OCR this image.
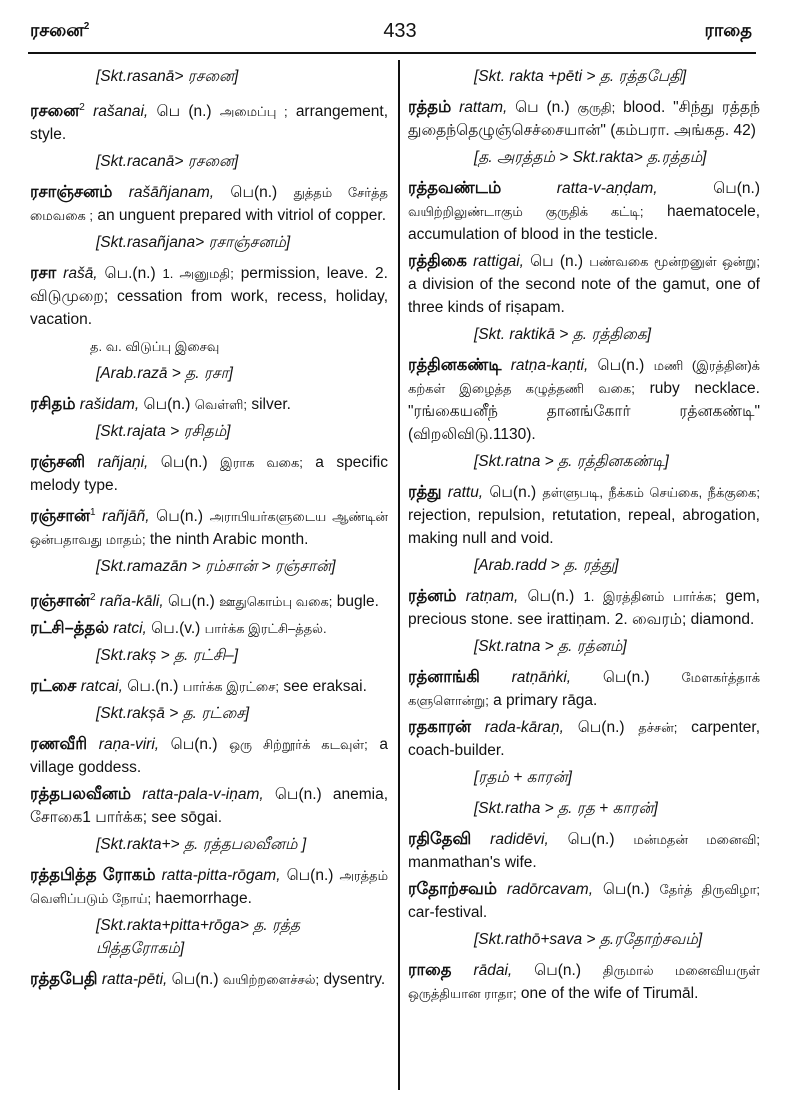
ரசனை$^2$	433	ராதை
[Skt.rasanā> ரசனை]
ரசனை$^2$ rašanai, பெ (n.) அமைப்பு ; arrangement, style.
[Skt.racanā> ரசனை]
ரசாஞ்சனம் rašāñjanam, பெ(n.) துத்தம் சேர்த்த மைவகை ; an unguent prepared with vitriol of copper.
[Skt.rasañjana> ரசாஞ்சனம்]
ரசா rašā, பெ.(n.) 1. அனுமதி; permission, leave. 2. விடுமுறை; cessation from work, recess, holiday, vacation.
த. வ. விடுப்பு இசைவு
[Arab.razā > த. ரசா]
ரசிதம் rašidam, பெ(n.) வெள்ளி; silver.
[Skt.rajata > ரசிதம்]
ரஞ்சனி rañjaṇi, பெ(n.) இராக வகை; a specific melody type.
ரஞ்சான்$^1$ rañjāñ, பெ(n.) அராபியர்களுடைய ஆண்டின் ஒன்பதாவது மாதம்; the ninth Arabic month.
[Skt.ramazān > ரம்சான் > ரஞ்சான்]
ரஞ்சான்$^2$ raña-kāli, பெ(n.) ஊதுகொம்பு வகை; bugle.
ரட்சி–த்தல் ratci, பெ.(v.) பார்க்க இரட்சி–த்தல்.
[Skt.rakș > த. ரட்சி–]
ரட்சை ratcai, பெ.(n.) பார்க்க இரட்சை; see eraksai.
[Skt.rakșā > த. ரட்சை]
ரணவீரி raṇa-viri, பெ(n.) ஒரு சிற்றூர்க் கடவுள்; a village goddess.
ரத்தபலவீனம் ratta-pala-v-iṇam, பெ(n.) anemia, சோகை1 பார்க்க; see sōgai.
[Skt.rakta+> த. ரத்தபலவீனம் ]
ரத்தபித்த ரோகம் ratta-pitta-rōgam, பெ(n.) அரத்தம் வெளிப்படும் நோய்; haemorrhage.
[Skt.rakta+pitta+rōga> த. ரத்த பித்தரோகம்]
ரத்தபேதி ratta-pēti, பெ(n.) வயிற்றளைச்சல்; dysentry.
[Skt. rakta +pēti > த. ரத்தபேதி]
ரத்தம் rattam, பெ (n.) குருதி; blood. "சிந்து ரத்தந் துதைந்தெழுஞ்செச்சையான்" (கம்பரா. அங்கத. 42)
[த. அரத்தம் > Skt.rakta> த.ரத்தம்]
ரத்தவண்டம்	ratta-v-aṇḍam,	பெ(n.) வயிற்றிலுண்டாகும் குருதிக் கட்டி; haematocele, accumulation of blood in the testicle.
ரத்திகை rattigai, பெ (n.) பண்வகை மூன்றனுள் ஒன்று; a division of the second note of the gamut, one of three kinds of riṣapam.
[Skt. raktikā > த. ரத்திகை]
ரத்தினகண்டி ratṇa-kaṇti, பெ(n.) மணி (இரத்தின)க் கற்கள் இழைத்த கழுத்தணி வகை; ruby necklace. "ரங்கையனீந் தானங்கோர் ரத்னகண்டி" (விறலிவிடு.1130).
[Skt.ratna > த. ரத்தினகண்டி]
ரத்து rattu, பெ(n.) தள்ளுபடி, நீக்கம் செய்கை, நீக்குகை; rejection, repulsion, retutation, repeal, abrogation, making null and void.
[Arab.radd > த. ரத்து]
ரத்னம் ratṇam, பெ(n.) 1. இரத்தினம் பார்க்க; gem, precious stone. see irattiṇam. 2. வைரம்; diamond.
[Skt.ratna > த. ரத்னம்]
ரத்னாங்கி ratṇāṅki, பெ(n.) மேளகர்த்தாக் களுளொன்று; a primary rāga.
ரதகாரன் rada-kāraṇ, பெ(n.) தச்சன்; carpenter, coach-builder.
[ரதம் + காரன்]
[Skt.ratha > த. ரத + காரன்]
ரதிதேவி radidēvi, பெ(n.) மன்மதன் மனைவி; manmathan's wife.
ரதோற்சவம் radōrcavam, பெ(n.) தேர்த் திருவிழா; car-festival.
[Skt.rathō+sava > த.ரதோற்சவம்]
ராதை rādai, பெ(n.) திருமால் மனைவியருள் ஒருத்தியான ராதா; one of the wife of Tirumāl.
